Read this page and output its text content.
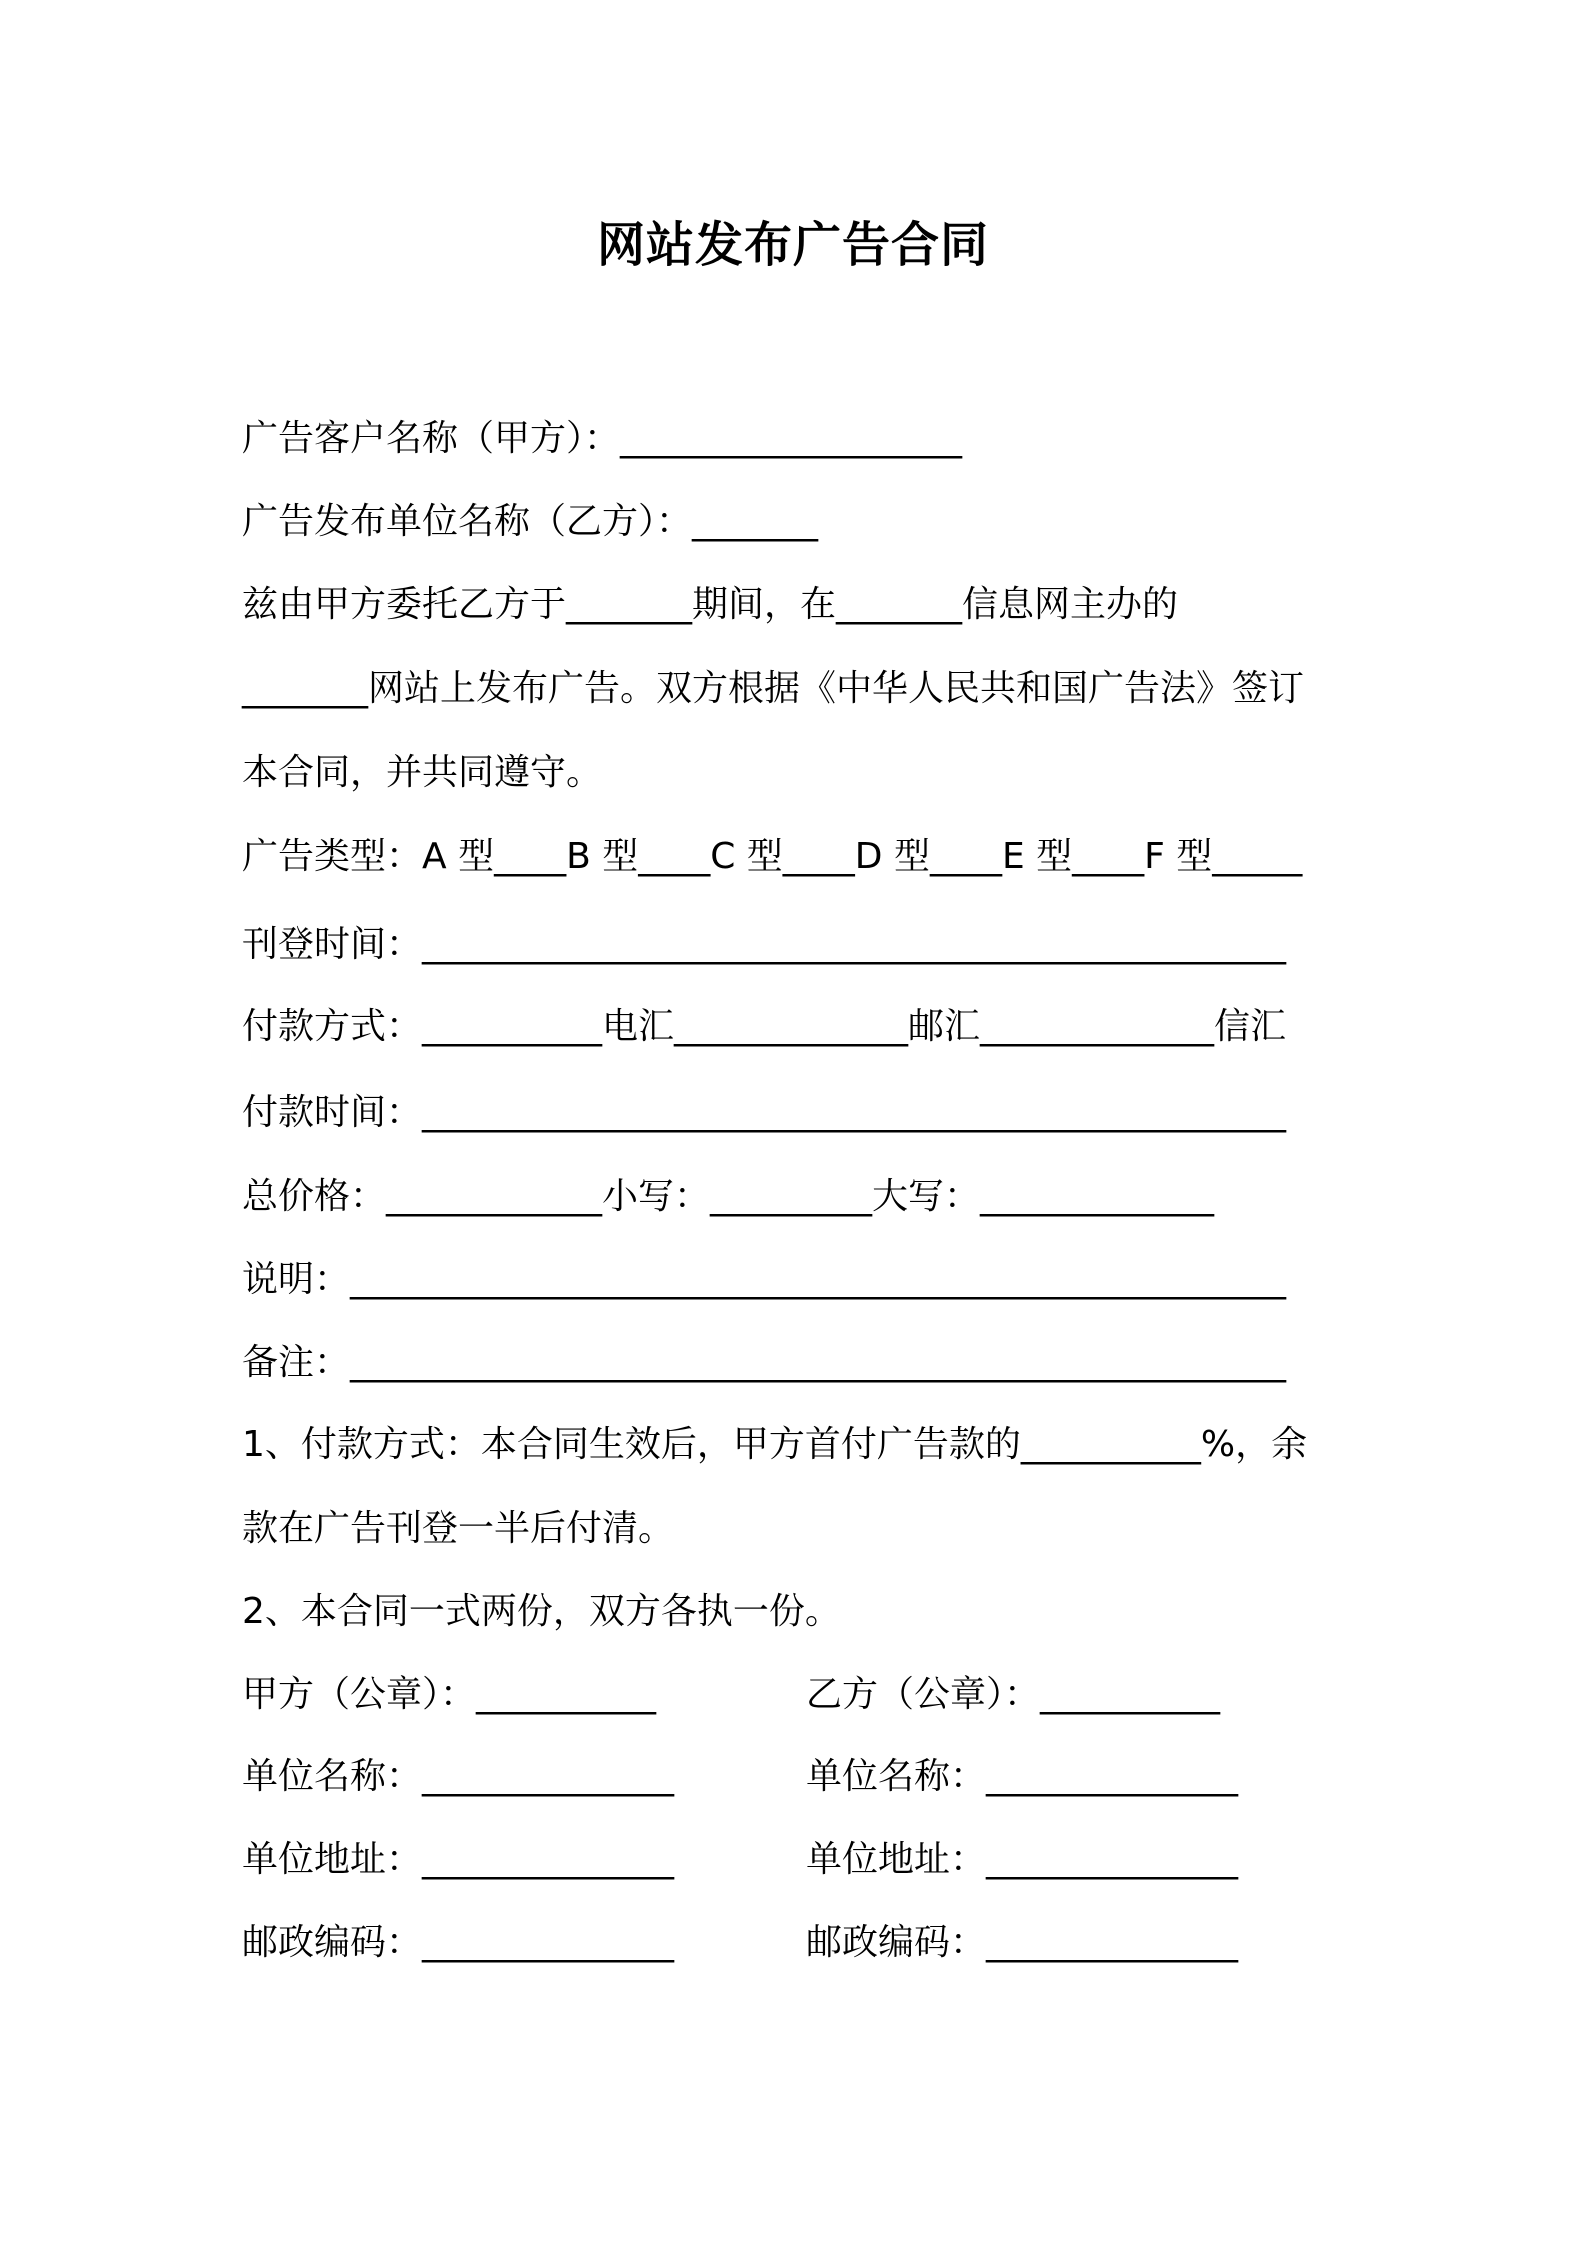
网站发布广告合同
广告客户名称（甲方）：___________________
广告发布单位名称（乙方）：_______
兹由甲方委托乙方于_______期间，在_______信息网主办的
_______网站上发布广告。双方根据《中华人民共和国广告法》签订
本合同，并共同遵守。
广告类型：A 型____B 型____C 型____D 型____E 型____F 型_____
刊登时间：________________________________________________
付款方式：__________电汇_____________邮汇_____________信汇
付款时间：________________________________________________
总价格：____________小写：_________大写：_____________
说明：____________________________________________________
备注：____________________________________________________
1、付款方式：本合同生效后，甲方首付广告款的__________%，余
款在广告刊登一半后付清。
2、本合同一式两份，双方各执一份。
甲方（公章）：__________
单位名称：______________
单位地址：______________
邮政编码：______________
乙方（公章）：__________
单位名称：______________
单位地址：______________
邮政编码：______________
